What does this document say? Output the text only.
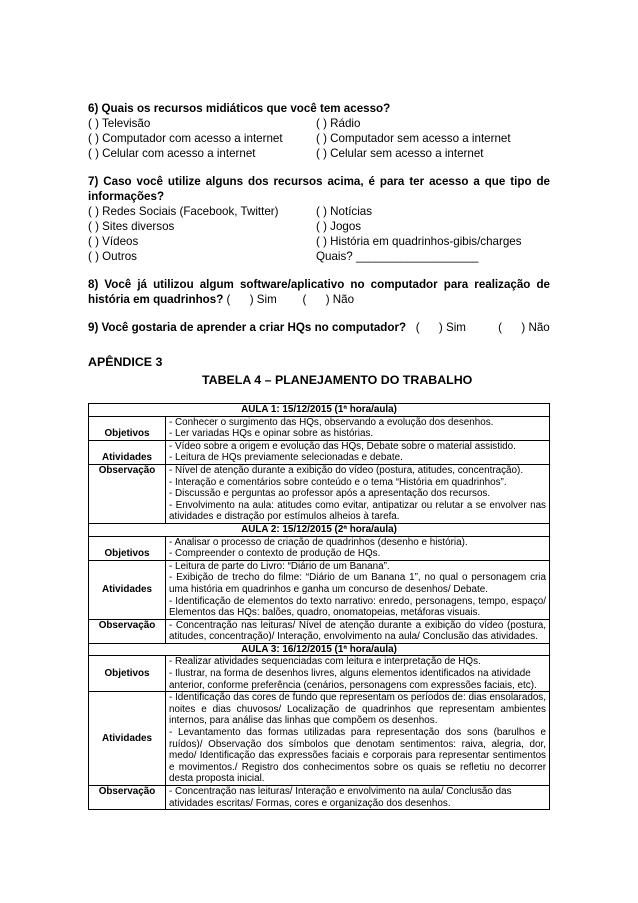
6) Quais os recursos midiáticos que você tem acesso?
( ) Televisão	( ) Rádio
( ) Computador com acesso a internet	( ) Computador sem acesso a internet
( ) Celular com acesso a internet	( ) Celular sem acesso a internet
7) Caso você utilize alguns dos recursos acima, é para ter acesso a que tipo de informações?
( ) Redes Sociais (Facebook, Twitter)	( ) Notícias
( ) Sites diversos	( ) Jogos
( ) Vídeos	( ) História em quadrinhos-gibis/charges
( ) Outros	Quais? ___________________
8) Você já utilizou algum software/aplicativo no computador para realização de história em quadrinhos? (      ) Sim        (      ) Não
9) Você gostaria de aprender a criar HQs no computador?   (      ) Sim          (      ) Não
APÊNDICE 3
TABELA 4 – PLANEJAMENTO DO TRABALHO
AULA 1: 15/12/2015 (1ª hora/aula)	
Objetivos	- Conhecer o surgimento das HQs, observando a evolução dos desenhos.
- Ler variadas HQs e opinar sobre as histórias.

Atividades	- Vídeo sobre a origem e evolução das HQs, Debate sobre o material assistido.
- Leitura de HQs previamente selecionadas e debate.

Observação	- Nível de atenção durante a exibição do vídeo (postura, atitudes, concentração).
- Interação e comentários sobre conteúdo e o tema “História em quadrinhos”.
- Discussão e perguntas ao professor após a apresentação dos recursos.
- Envolvimento na aula: atitudes como evitar, antipatizar ou relutar a se envolver nas atividades e distração por estímulos alheios à tarefa.

AULA 2: 15/12/2015 (2ª hora/aula)	
Objetivos	- Analisar o processo de criação de quadrinhos (desenho e história).
- Compreender o contexto de produção de HQs.

Atividades	- Leitura de parte do Livro: “Diário de um Banana”.
- Exibição de trecho do filme: “Diário de um Banana 1”, no qual o personagem cria uma história em quadrinhos e ganha um concurso de desenhos/ Debate.
- Identificação de elementos do texto narrativo: enredo, personagens, tempo, espaço/ Elementos das HQs: balões, quadro, onomatopeias, metáforas visuais.

Observação	- Concentração nas leituras/ Nível de atenção durante a exibição do vídeo (postura, atitudes, concentração)/ Interação, envolvimento na aula/ Conclusão das atividades.

AULA 3: 16/12/2015 (1ª hora/aula)	
Objetivos	- Realizar atividades sequenciadas com leitura e interpretação de HQs.
- Ilustrar, na forma de desenhos livres, alguns elementos identificados na atividade anterior, conforme preferência (cenários, personagens com expressões faciais, etc).

Atividades	- Identificação das cores de fundo que representam os períodos de: dias ensolarados, noites e dias chuvosos/ Localização de quadrinhos que representam ambientes internos, para análise das linhas que compõem os desenhos.
- Levantamento das formas utilizadas para representação dos sons (barulhos e ruídos)/ Observação dos símbolos que denotam sentimentos: raiva, alegria, dor, medo/ Identificação das expressões faciais e corporais para representar sentimentos e movimentos./ Registro dos conhecimentos sobre os quais se refletiu no decorrer desta proposta inicial.

Observação	- Concentração nas leituras/ Interação e envolvimento na aula/ Conclusão das atividades escritas/ Formas, cores e organização dos desenhos.
